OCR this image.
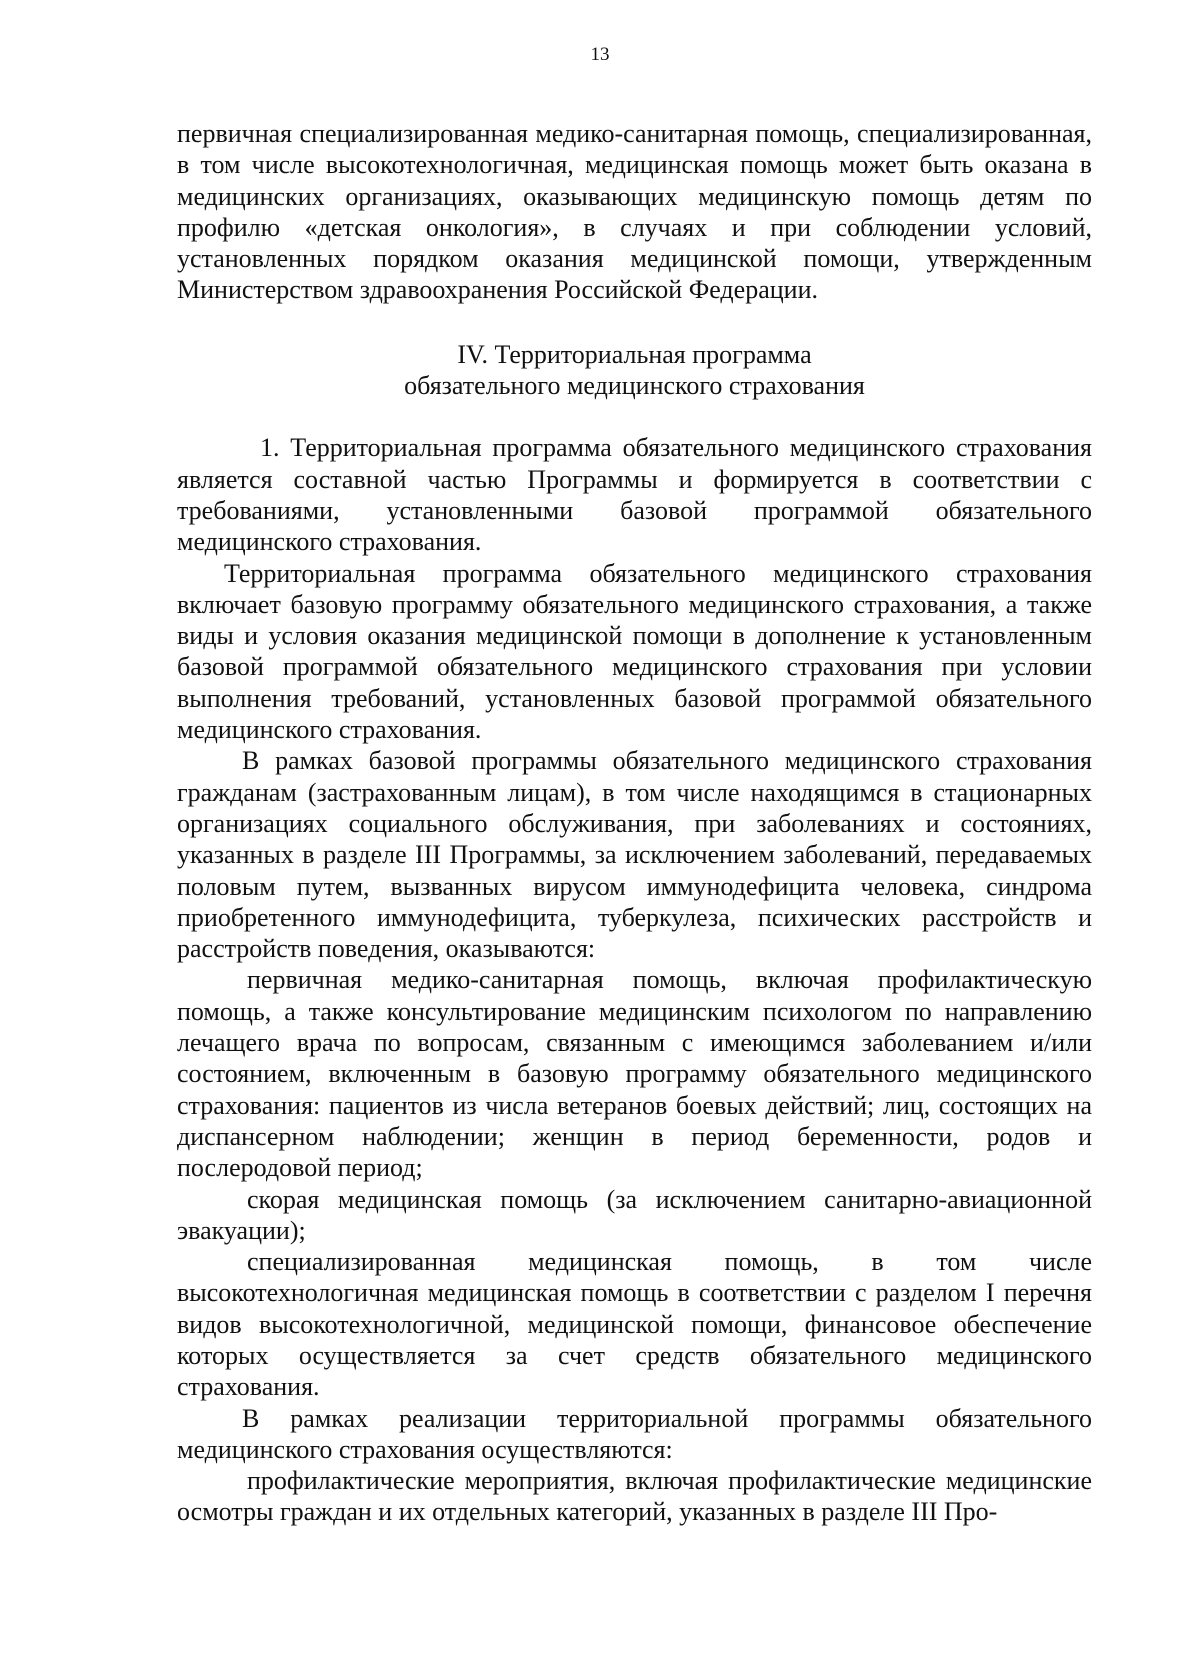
13

первичная специализированная медико-санитарная помощь, специализированная, в том числе высокотехнологичная, медицинская помощь может быть оказана в медицинских организациях, оказывающих медицинскую помощь детям по профилю «детская онкология», в случаях и при соблюдении условий, установленных порядком оказания медицинской помощи, утвержденным Министерством здравоохранения Российской Федерации.

IV. Территориальная программа
обязательного медицинского страхования

1. Территориальная программа обязательного медицинского страхования является составной частью Программы и формируется в соответствии с требованиями, установленными базовой программой обязательного медицинского страхования.

Территориальная программа обязательного медицинского страхования включает базовую программу обязательного медицинского страхования, а также виды и условия оказания медицинской помощи в дополнение к установленным базовой программой обязательного медицинского страхования при условии выполнения требований, установленных базовой программой обязательного медицинского страхования.

В рамках базовой программы обязательного медицинского страхования гражданам (застрахованным лицам), в том числе находящимся в стационарных организациях социального обслуживания, при заболеваниях и состояниях, указанных в разделе III Программы, за исключением заболеваний, передаваемых половым путем, вызванных вирусом иммунодефицита человека, синдрома приобретенного иммунодефицита, туберкулеза, психических расстройств и расстройств поведения, оказываются:

первичная медико-санитарная помощь, включая профилактическую помощь, а также консультирование медицинским психологом по направлению лечащего врача по вопросам, связанным с имеющимся заболеванием и/или состоянием, включенным в базовую программу обязательного медицинского страхования: пациентов из числа ветеранов боевых действий; лиц, состоящих на диспансерном наблюдении; женщин в период беременности, родов и послеродовой период;

скорая медицинская помощь (за исключением санитарно-авиационной эвакуации);

специализированная медицинская помощь, в том числе высокотехнологичная медицинская помощь в соответствии с разделом I перечня видов высокотехнологичной, медицинской помощи, финансовое обеспечение которых осуществляется за счет средств обязательного медицинского страхования.

В рамках реализации территориальной программы обязательного медицинского страхования осуществляются:

профилактические мероприятия, включая профилактические медицинские осмотры граждан и их отдельных категорий, указанных в разделе III Про-
